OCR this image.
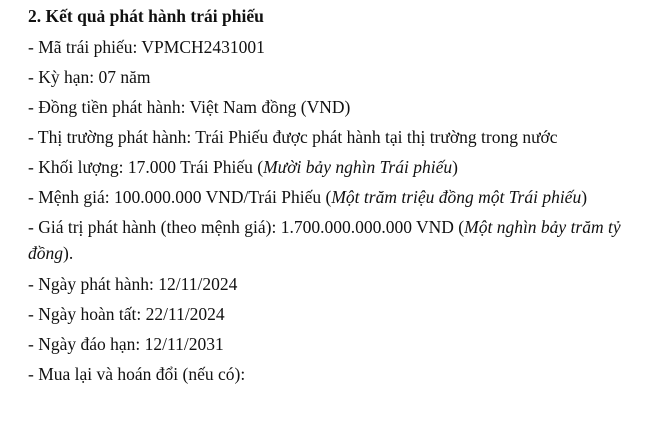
2. Kết quả phát hành trái phiếu
- Mã trái phiếu: VPMCH2431001
- Kỳ hạn: 07 năm
- Đồng tiền phát hành: Việt Nam đồng (VND)
- Thị trường phát hành: Trái Phiếu được phát hành tại thị trường trong nước
- Khối lượng: 17.000 Trái Phiếu (Mười bảy nghìn Trái phiếu)
- Mệnh giá: 100.000.000 VND/Trái Phiếu (Một trăm triệu đồng một Trái phiếu)
- Giá trị phát hành (theo mệnh giá): 1.700.000.000.000 VND (Một nghìn bảy trăm tỷ đồng).
- Ngày phát hành: 12/11/2024
- Ngày hoàn tất: 22/11/2024
- Ngày đáo hạn: 12/11/2031
- Mua lại và hoán đổi (nếu có):
